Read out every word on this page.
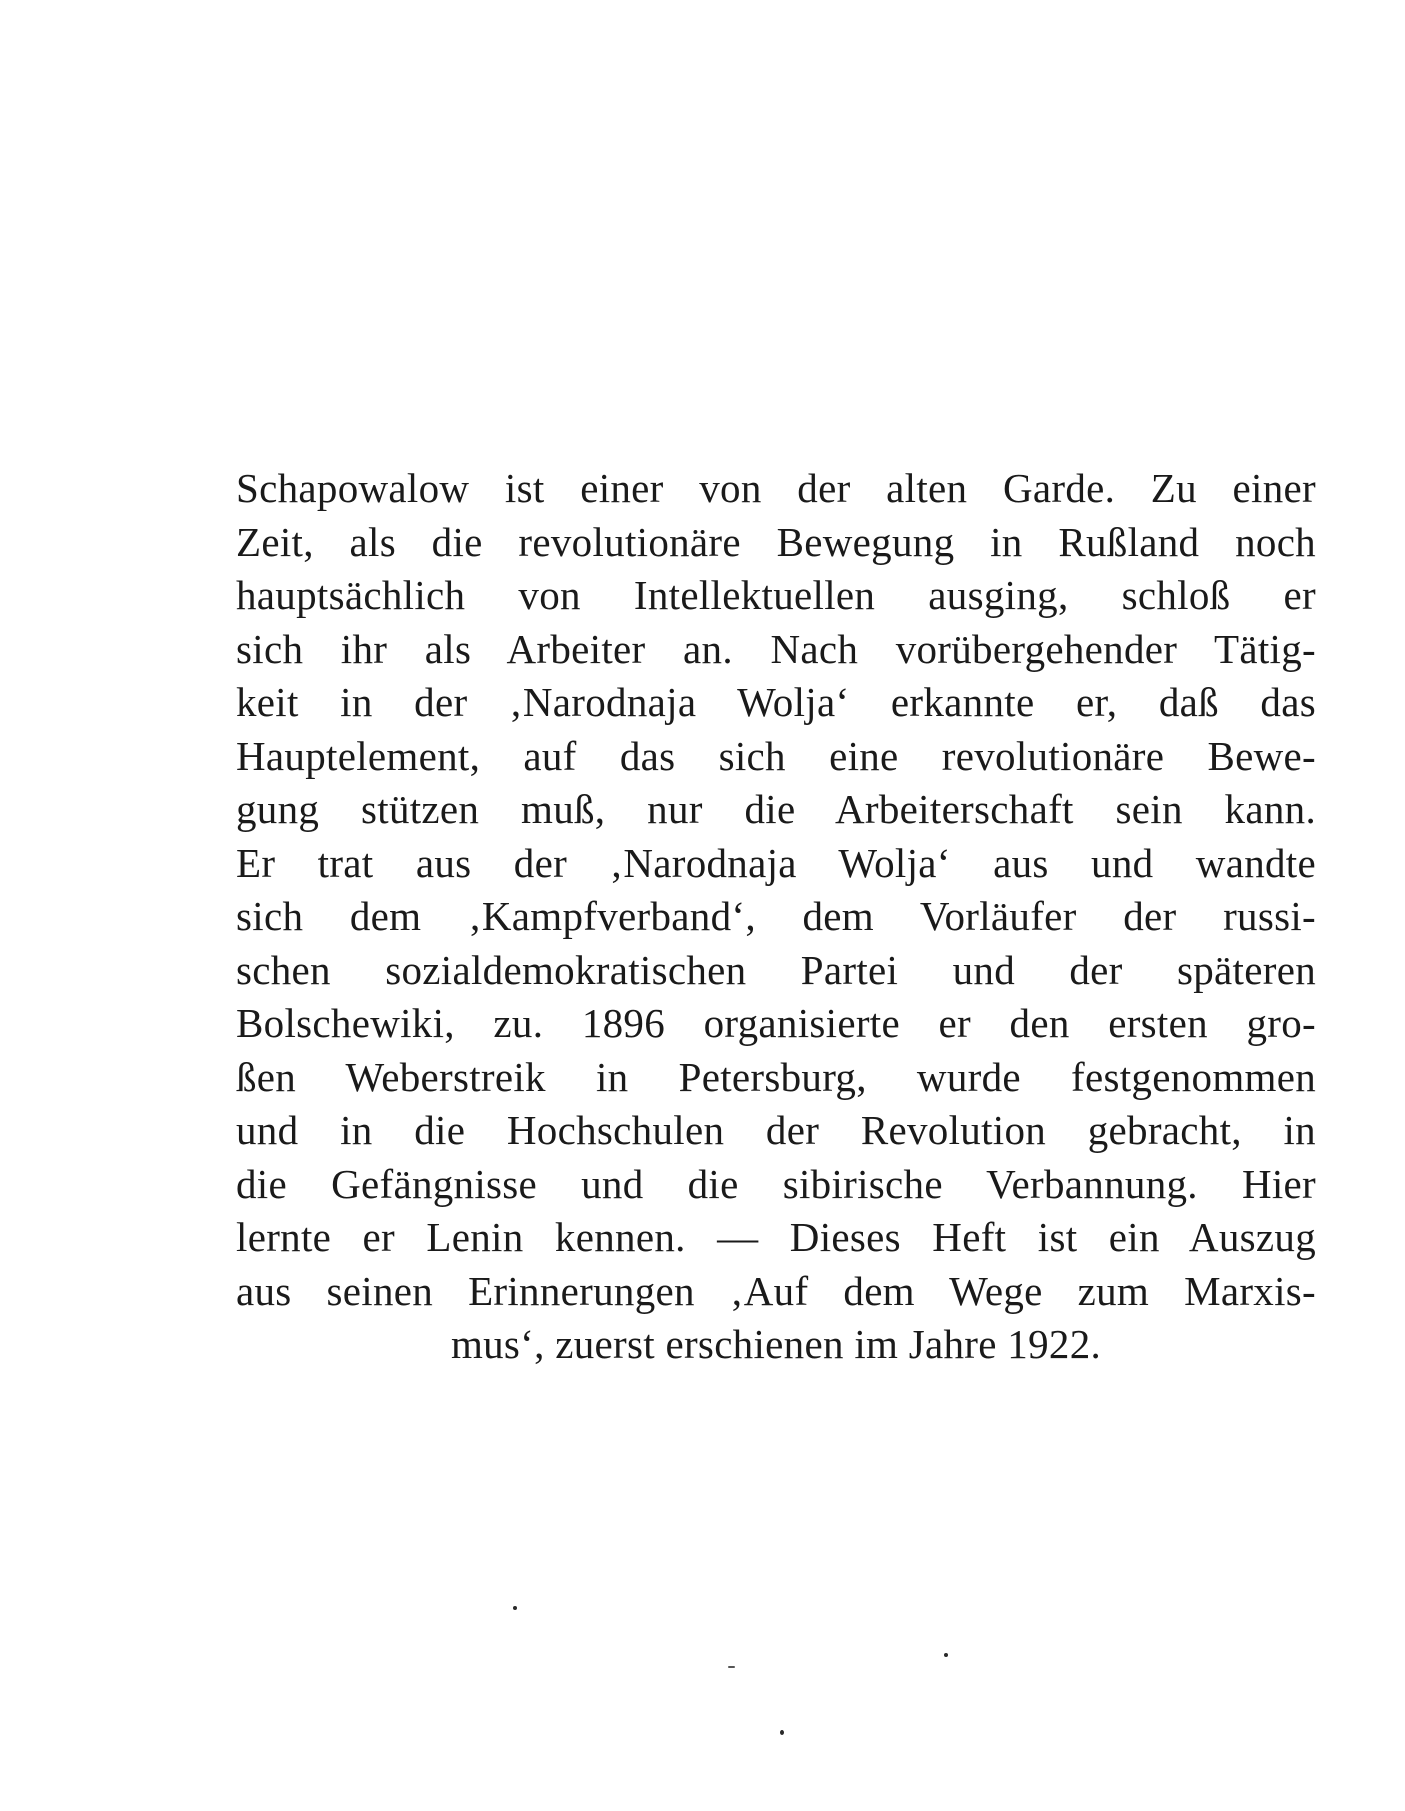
Schapowalow ist einer von der alten Garde. Zu einer
Zeit, als die revolutionäre Bewegung in Rußland noch
hauptsächlich von Intellektuellen ausging, schloß er
sich ihr als Arbeiter an. Nach vorübergehender Tätig-
keit in der ‚Narodnaja Wolja‘ erkannte er, daß das
Hauptelement, auf das sich eine revolutionäre Bewe-
gung stützen muß, nur die Arbeiterschaft sein kann.
Er trat aus der ‚Narodnaja Wolja‘ aus und wandte
sich dem ‚Kampfverband‘, dem Vorläufer der russi-
schen sozialdemokratischen Partei und der späteren
Bolschewiki, zu. 1896 organisierte er den ersten gro-
ßen Weberstreik in Petersburg, wurde festgenommen
und in die Hochschulen der Revolution gebracht, in
die Gefängnisse und die sibirische Verbannung. Hier
lernte er Lenin kennen. — Dieses Heft ist ein Auszug
aus seinen Erinnerungen ‚Auf dem Wege zum Marxis-
mus‘, zuerst erschienen im Jahre 1922.
